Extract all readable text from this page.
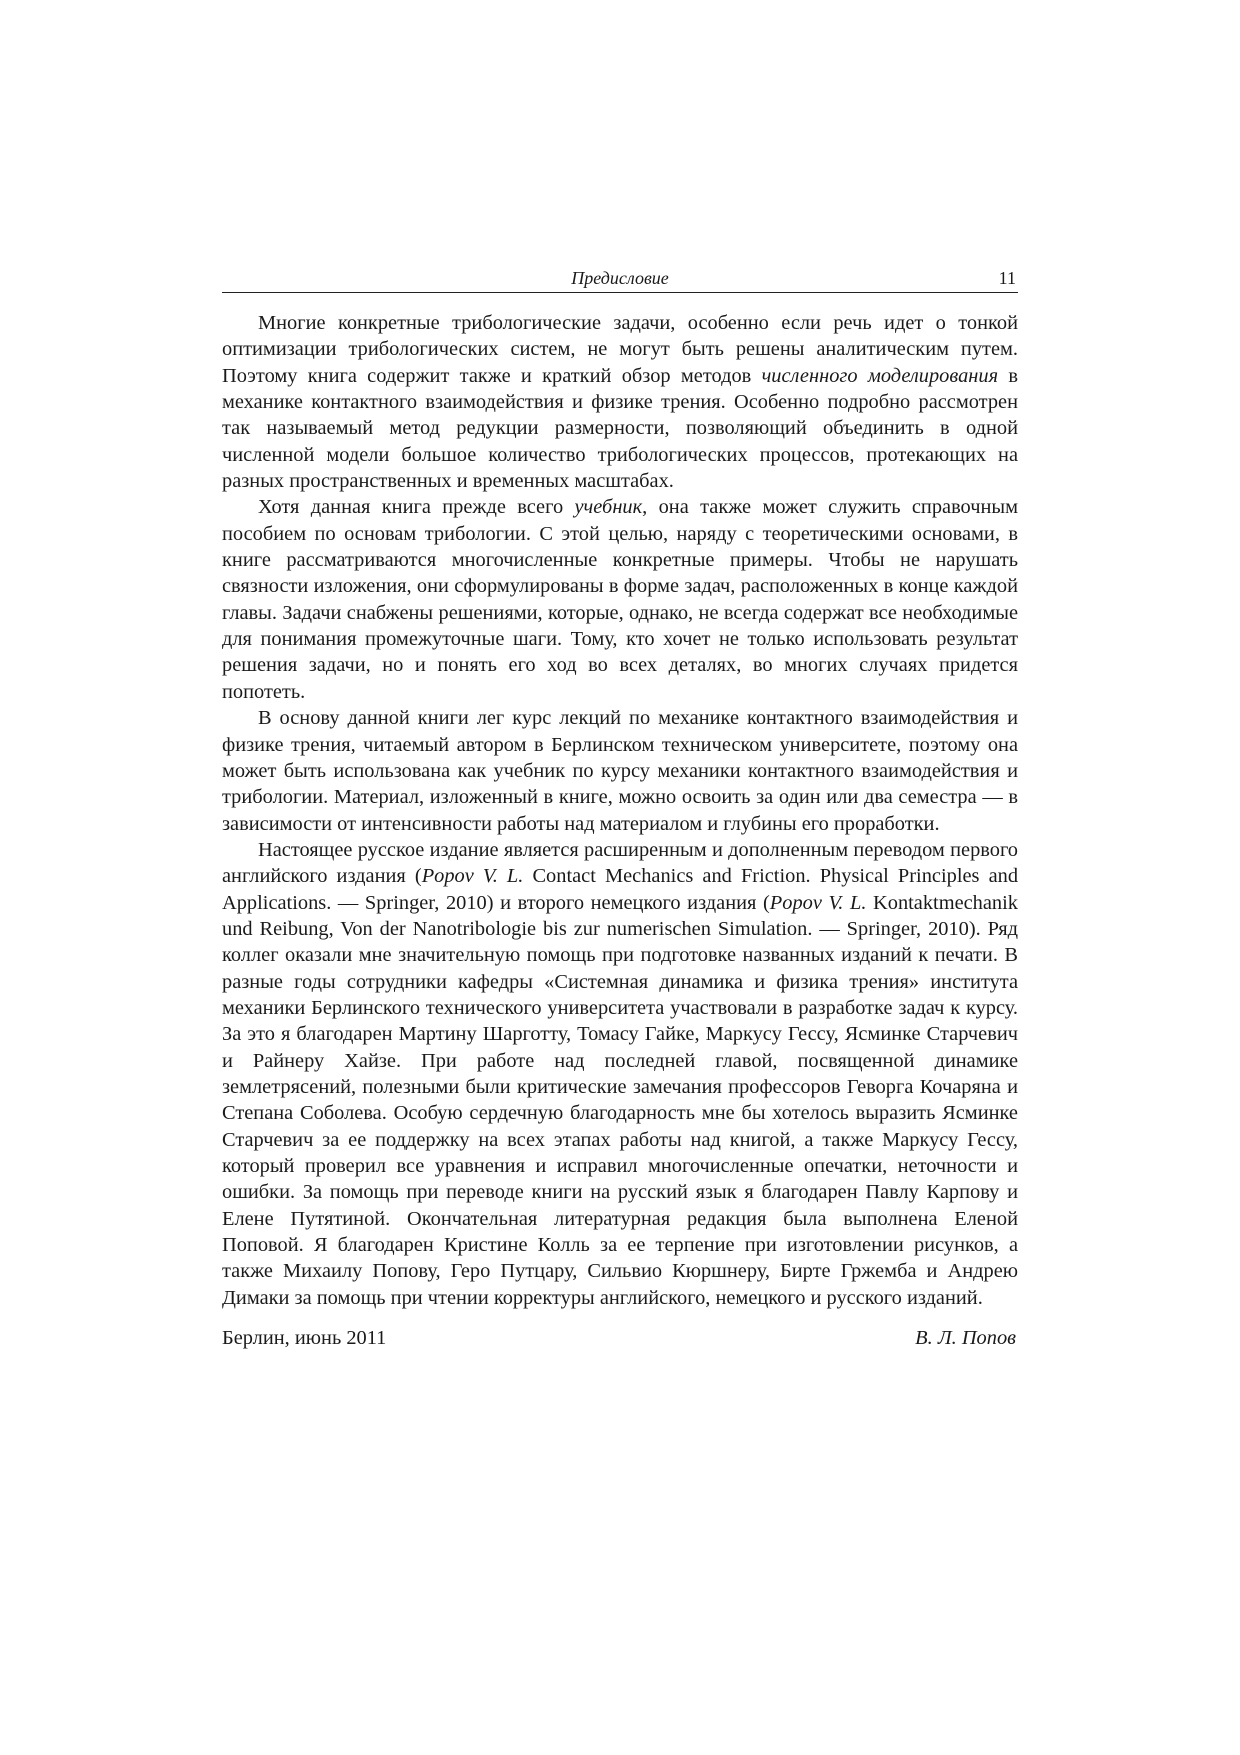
Предисловие	11

Многие конкретные трибологические задачи, особенно если речь идет о тонкой оптимизации трибологических систем, не могут быть решены аналитическим путем. Поэтому книга содержит также и краткий обзор методов численного моделирования в механике контактного взаимодействия и физике трения. Особенно подробно рассмотрен так называемый метод редукции размерности, позволяющий объединить в одной численной модели большое количество трибологических процессов, протекающих на разных пространственных и временных масштабах.

Хотя данная книга прежде всего учебник, она также может служить справочным пособием по основам трибологии. С этой целью, наряду с теоретическими основами, в книге рассматриваются многочисленные конкретные примеры. Чтобы не нарушать связности изложения, они сформулированы в форме задач, расположенных в конце каждой главы. Задачи снабжены решениями, которые, однако, не всегда содержат все необходимые для понимания промежуточные шаги. Тому, кто хочет не только использовать результат решения задачи, но и понять его ход во всех деталях, во многих случаях придется попотеть.

В основу данной книги лег курс лекций по механике контактного взаимодействия и физике трения, читаемый автором в Берлинском техническом университете, поэтому она может быть использована как учебник по курсу механики контактного взаимодействия и трибологии. Материал, изложенный в книге, можно освоить за один или два семестра — в зависимости от интенсивности работы над материалом и глубины его проработки.

Настоящее русское издание является расширенным и дополненным переводом первого английского издания (Popov V. L. Contact Mechanics and Friction. Physical Principles and Applications. — Springer, 2010) и второго немецкого издания (Popov V. L. Kontaktmechanik und Reibung, Von der Nanotribologie bis zur numerischen Simulation. — Springer, 2010). Ряд коллег оказали мне значительную помощь при подготовке названных изданий к печати. В разные годы сотрудники кафедры «Системная динамика и физика трения» института механики Берлинского технического университета участвовали в разработке задач к курсу. За это я благодарен Мартину Шарготту, Томасу Гайке, Маркусу Гессу, Ясминке Старчевич и Райнеру Хайзе. При работе над последней главой, посвященной динамике землетрясений, полезными были критические замечания профессоров Геворга Кочаряна и Степана Соболева. Особую сердечную благодарность мне бы хотелось выразить Ясминке Старчевич за ее поддержку на всех этапах работы над книгой, а также Маркусу Гессу, который проверил все уравнения и исправил многочисленные опечатки, неточности и ошибки. За помощь при переводе книги на русский язык я благодарен Павлу Карпову и Елене Путятиной. Окончательная литературная редакция была выполнена Еленой Поповой. Я благодарен Кристине Колль за ее терпение при изготовлении рисунков, а также Михаилу Попову, Геро Путцару, Сильвио Кюршнеру, Бирте Гржемба и Андрею Димаки за помощь при чтении корректуры английского, немецкого и русского изданий.

Берлин, июнь 2011	В. Л. Попов
